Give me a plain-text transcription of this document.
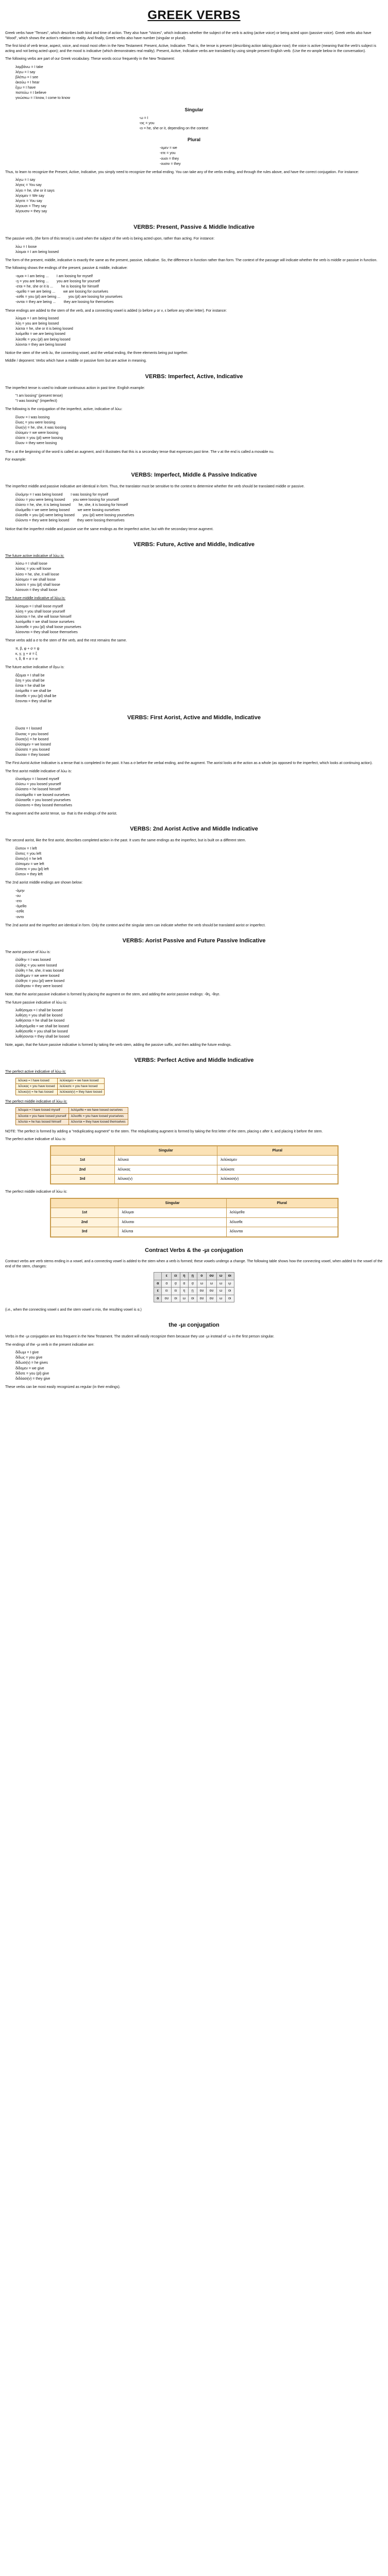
GREEK VERBS

Greek verbs have "Tenses", which describes both kind and time of action. They also have "Voices", which indicates whether the subject of the verb is acting (active voice) or being acted upon (passive voice). Greek verbs also have "Mood", which shows the action's relation to reality. And finally, Greek verbs also have number (singular or plural).

The first kind of verb tense, aspect, voice, and mood most often in the New Testament: Present, Active, Indicative. That is, the tense is present (describing action taking place now); the voice is active (meaning that the verb's subject is acting and not being acted upon); and the mood is indicative (which demonstrates real reality). Present, Active, Indicative verbs are translated by using simple present English verb. (Use the ex-ample below in the conversation).

The following verbs are part of our Greek vocabulary. These words occur frequently in the New Testament:

λαμβάνω = I take
λέγω = I say
βλέπω = I see
ἀκούω = I hear
ἔχω = I have
πιστεύω = I believe
γινώσκω = I know, I come to know
Singular
-ω = I
-εις = you
-ει = he, she or it, depending on the context
Plural
-ομεν = we
-ετε = you
-ουσι = they
-ουσιν = they

Thus, to learn to recognize the Present, Active, Indicative, you simply need to recognize the verbal ending. You can take any of the verbs ending, and through the rules above, and have the correct conjugation. For instance:

λέγω = I say
λέγεις = You say
λέγει = he, she or it says
λέγομεν = We say
λέγετε = You say
λέγουσι = They say
λέγουσιν = they say
VERBS: Present, Passive & Middle Indicative

The passive verb, (the form of this tense) is used when the subject of the verb is being acted upon, rather than acting. For instance:

λύω = I loose
λύομαι = I am being loosed

The form of the present, middle, indicative is exactly the same as the present, passive, indicative. So, the difference in function rather than form. The context of the passage will indicate whether the verb is middle or passive in function.

The following shows the endings of the present, passive & middle, indicative:

-ομαι = I am being ...        I am loosing for myself
-ῃ = you are being ...        you are loosing for yourself
-εται = he, she or it is ...        he is loosing for himself
-ομεθα = we are being ...        we are loosing for ourselves
-εσθε = you (pl) are being ...        you (pl) are loosing for yourselves
-ονται = they are being ...        they are loosing for themselves

These endings are added to the stem of the verb, and a connecting vowel is added (o before μ or ν, ε before any other letter). For instance:

λύομαι = I am being loosed
λύῃ = you are being loosed
λύεται = he, she or it is being loosed
λυόμεθα = we are being loosed
λύεσθε = you (pl) are being loosed
λύονται = they are being loosed

Notice the stem of the verb λυ, the connecting vowel, and the verbal ending, the three elements being put together.

Middle / deponent: Verbs which have a middle or passive form but are active in meaning.

VERBS: Imperfect, Active, Indicative

The imperfect tense is used to indicate continuous action in past time. English example:

"I am loosing" (present tense)
"I was loosing" (imperfect)

The following is the conjugation of the imperfect, active, indicative of λύω:

ἔλυον = I was loosing
ἔλυες = you were loosing
ἔλυε(ν) = he, she, it was loosing
ἐλύομεν = we were loosing
ἐλύετε = you (pl) were loosing
ἔλυον = they were loosing

The ε at the beginning of the word is called an augment, and it illustrates that this is a secondary tense that expresses past time. The ν at the end is called a movable nu.

For example:

VERBS: Imperfect, Middle & Passive Indicative

The imperfect middle and passive indicative are identical in form. Thus, the translator must be sensitive to the context to determine whether the verb should be translated middle or passive.

ἐλυόμην = I was being loosed        I was loosing for myself
ἐλύου = you were being loosed        you were loosing for yourself
ἐλύετο = he, she, it is being loosed        he, she, it is loosing for himself
ἐλυόμεθα = we were being loosed        we were loosing ourselves
ἐλύεσθε = you (pl) were being loosed        you (pl) were loosing yourselves
ἐλύοντο = they were being loosed        they were loosing themselves

Notice that the imperfect middle and passive use the same endings as the imperfect active, but with the secondary tense augment.

VERBS: Future, Active and Middle, Indicative

The future active indicative of λύω is:

λύσω = I shall loose
λύσεις = you will loose
λύσει = he, she, it will loose
λύσομεν = we shall loose
λύσετε = you (pl) shall loose
λύσουσι = they shall loose

The future middle indicative of λύω is:

λύσομαι = I shall loose myself
λύσῃ = you shall loose yourself
λύσεται = he, she will loose himself
λυσόμεθα = we shall loose ourselves
λύσεσθε = you (pl) shall loose yourselves
λύσονται = they shall loose themselves

These verbs add a σ to the stem of the verb, and the rest remains the same.

π, β, φ + σ = ψ
κ, γ, χ + σ = ξ
τ, δ, θ + σ = σ

The future active indicative of ἄγω is:

ἄξομαι = I shall be
ἔσῃ = you shall be
ἔσται = he shall be
ἐσόμεθα = we shall be
ἔσεσθε = you (pl) shall be
ἔσονται = they shall be
VERBS: First Aorist, Active and Middle, Indicative
ἔλυσα = I loosed
ἔλυσας = you loosed
ἔλυσε(ν) = he loosed
ἐλύσαμεν = we loosed
ἐλύσατε = you loosed
ἔλυσαν = they loosed

The First Aorist Active Indicative is a tense that is completed in the past. It has a σ before the verbal ending, and the augment. The aorist looks at the action as a whole (as opposed to the imperfect, which looks at continuing action).

The first aorist middle indicative of λύω is:

ἐλυσάμην = I loosed myself
ἐλύσω = you loosed yourself
ἐλύσατο = he loosed himself
ἐλυσάμεθα = we loosed ourselves
ἐλύσασθε = you loosed yourselves
ἐλύσαντο = they loosed themselves

The augment and the aorist tense, sa- that is the endings of the aorist.

VERBS: 2nd Aorist Active and Middle Indicative

The second aorist, like the first aorist, describes completed action in the past. It uses the same endings as the imperfect, but is built on a different stem.

ἔλιπον = I left
ἔλιπες = you left
ἔλιπε(ν) = he left
ἐλίπομεν = we left
ἐλίπετε = you (pl) left
ἔλιπον = they left

The 2nd aorist middle endings are shown below:

-όμην
-ου
-ετο
-όμεθα
-εσθε
-οντο

The 2nd aorist and the imperfect are identical in form. Only the context and the singular stem can indicate whether the verb should be translated aorist or imperfect.

VERBS: Aorist Passive and Future Passive Indicative

The aorist passive of λύω is:

ἐλύθην = I was loosed
ἐλύθης = you were loosed
ἐλύθη = he, she, it was loosed
ἐλύθημεν = we were loosed
ἐλύθητε = you (pl) were loosed
ἐλύθησαν = they were loosed

Note, that the aorist passive indicative is formed by placing the augment on the stem, and adding the aorist passive endings: -θη, -θησ.

The future passive indicative of λύω is:

λυθήσομαι = I shall be loosed
λυθήσῃ = you shall be loosed
λυθήσεται = he shall be loosed
λυθησόμεθα = we shall be loosed
λυθήσεσθε = you shall be loosed
λυθήσονται = they shall be loosed

Note, again, that the future passive indicative is formed by taking the verb stem, adding the passive suffix, and then adding the future endings.

VERBS: Perfect Active and Middle Indicative

The perfect active indicative of λύω is:

λέλυκα = I have loosed	λελύκαμεν = we have loosed
λέλυκας = you have loosed	λελύκατε = you have loosed
λέλυκε(ν) = he has loosed	λελύκασι(ν) = they have loosed

The perfect middle indicative of λύω is:

λέλυμαι = I have loosed myself	λελύμεθα = we have loosed ourselves
λέλυσαι = you have loosed yourself	λέλυσθε = you have loosed yourselves
λέλυται = he has loosed himself	λέλυνται = they have loosed themselves

NOTE: The perfect is formed by adding a "reduplicating augment" to the stem. The reduplicating augment is formed by taking the first letter of the stem, placing ε after it, and placing it before the stem.

The perfect active indicative of λύω is:

	Singular	Plural
1st	λέλυκα	λελύκαμεν
2nd	λέλυκας	λελύκατε
3rd	λέλυκε(ν)	λελύκασι(ν)

The perfect middle indicative of λύω is:

	Singular	Plural
1st	λέλυμαι	λελύμεθα
2nd	λέλυσαι	λέλυσθε
3rd	λέλυται	λέλυνται
Contract Verbs & the -μι conjugation

Contract verbs are verb stems ending in a vowel, and a connecting vowel is added to the stem when a verb is formed; these vowels undergo a change. The following table shows how the connecting vowel, when added to the vowel of the end of the stem, changes:

	ε	ει	η	ῃ	ο	ου	ω	οι
α	α	ᾳ	α	ᾳ	ω	ω	ω	ῳ
ε	ει	ει	η	ῃ	ου	ου	ω	οι
ο	ου	οι	ω	οι	ου	ου	ω	οι

(i.e., when the connecting vowel ε and the stem vowel α mix, the resulting vowel is α.)

the -μι conjugation

Verbs in the -μι conjugation are less frequent in the New Testament. The student will easily recognize them because they use -μι instead of -ω in the first person singular.

The endings of the -μι verb in the present indicative are:

δίδωμι = I give
δίδως = you give
δίδωσι(ν) = he gives
δίδομεν = we give
δίδοτε = you (pl) give
διδόασι(ν) = they give

These verbs can be most easily recognized as regular (in their endings).
